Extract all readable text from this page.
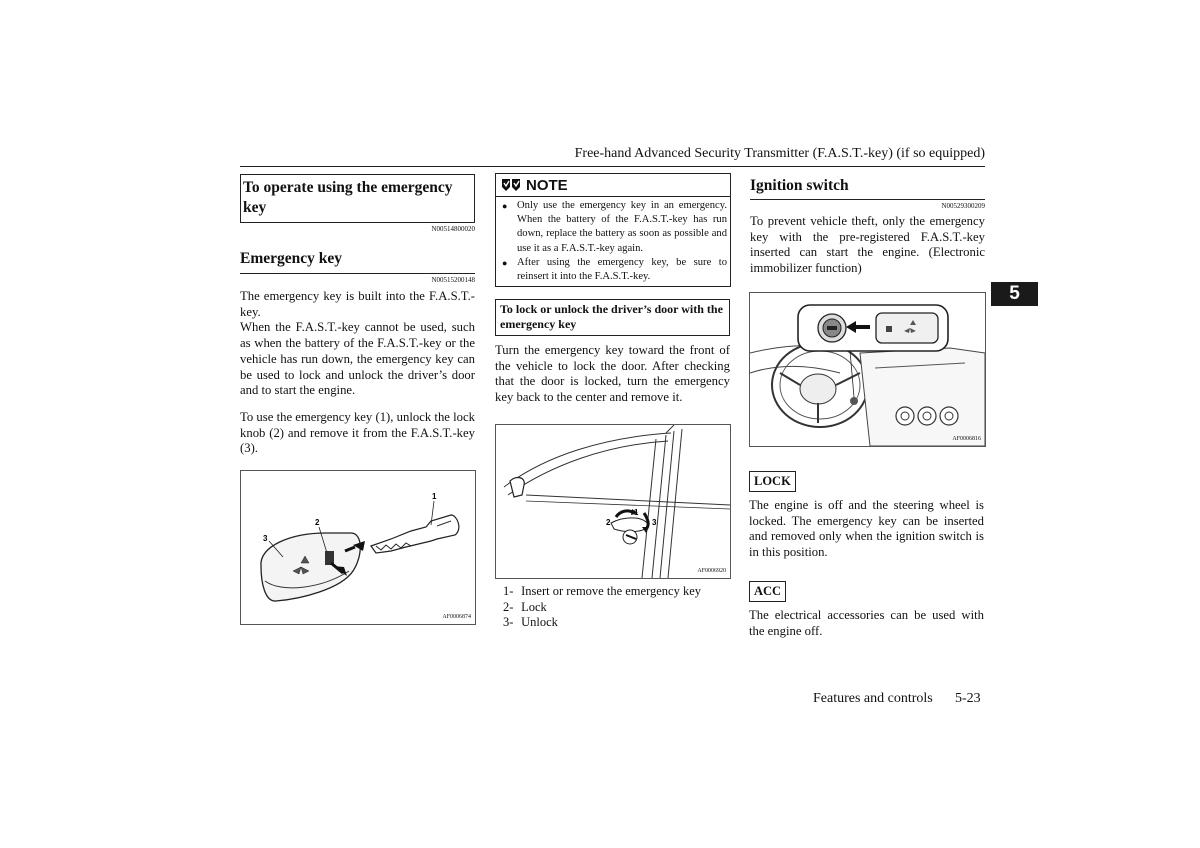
Free-hand Advanced Security Transmitter (F.A.S.T.-key) (if so equipped)
5
To operate using the emergency key
N00514800020
Emergency key
N00515200148

The emergency key is built into the F.A.S.T.-key.

When the F.A.S.T.-key cannot be used, such as when the battery of the F.A.S.T.-key or the vehicle has run down, the emergency key can be used to lock and unlock the driver’s door and to start the engine.

To use the emergency key (1), unlock the lock knob (2) and remove it from the F.A.S.T.-key (3).

1
2
3
AF0006874
NOTE
● Only use the emergency key in an emergency. When the battery of the F.A.S.T.-key has run down, replace the battery as soon as possible and use it as a F.A.S.T.-key again.
● After using the emergency key, be sure to reinsert it into the F.A.S.T.-key.
To lock or unlock the driver’s door with the emergency key
Turn the emergency key toward the front of the vehicle to lock the door. After checking that the door is locked, turn the emergency key back to the center and remove it.
1
2	3
AF0006920
1-
Insert or remove the emergency key
2-
Lock
3-
Unlock
Ignition switch
N00529300209
To prevent vehicle theft, only the emergency key with the pre-registered F.A.S.T.-key inserted can start the engine. (Electronic immobilizer function)
AF0006816
LOCK
The engine is off and the steering wheel is locked. The emergency key can be inserted and removed only when the ignition switch is in this position.
ACC
The electrical accessories can be used with the engine off.
Features and controls 5-23
